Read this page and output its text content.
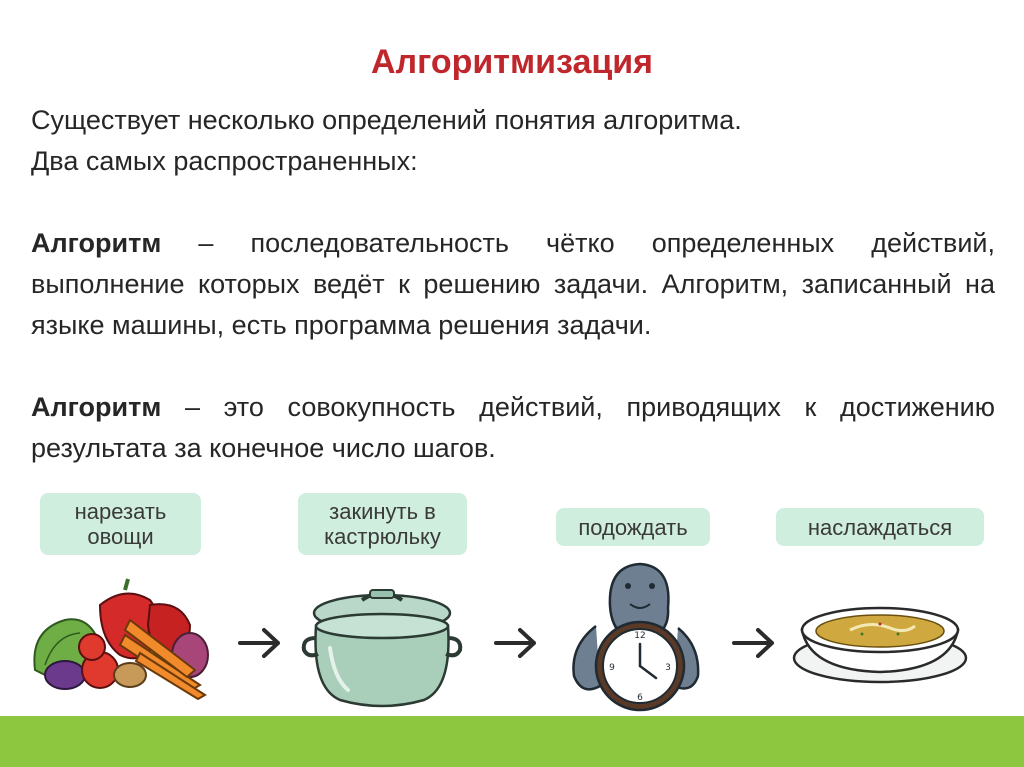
Алгоритмизация

Существует несколько определений понятия алгоритма.

Два самых распространенных:

Алгоритм – последовательность чётко определенных действий, выполнение которых ведёт к решению задачи. Алгоритм, записанный на языке машины, есть программа решения задачи.

Алгоритм – это совокупность действий, приводящих к достижению результата за конечное число шагов.

нарезать
овощи
закинуть в
кастрюльку	подождать	наслаждаться
12
3
6
9
